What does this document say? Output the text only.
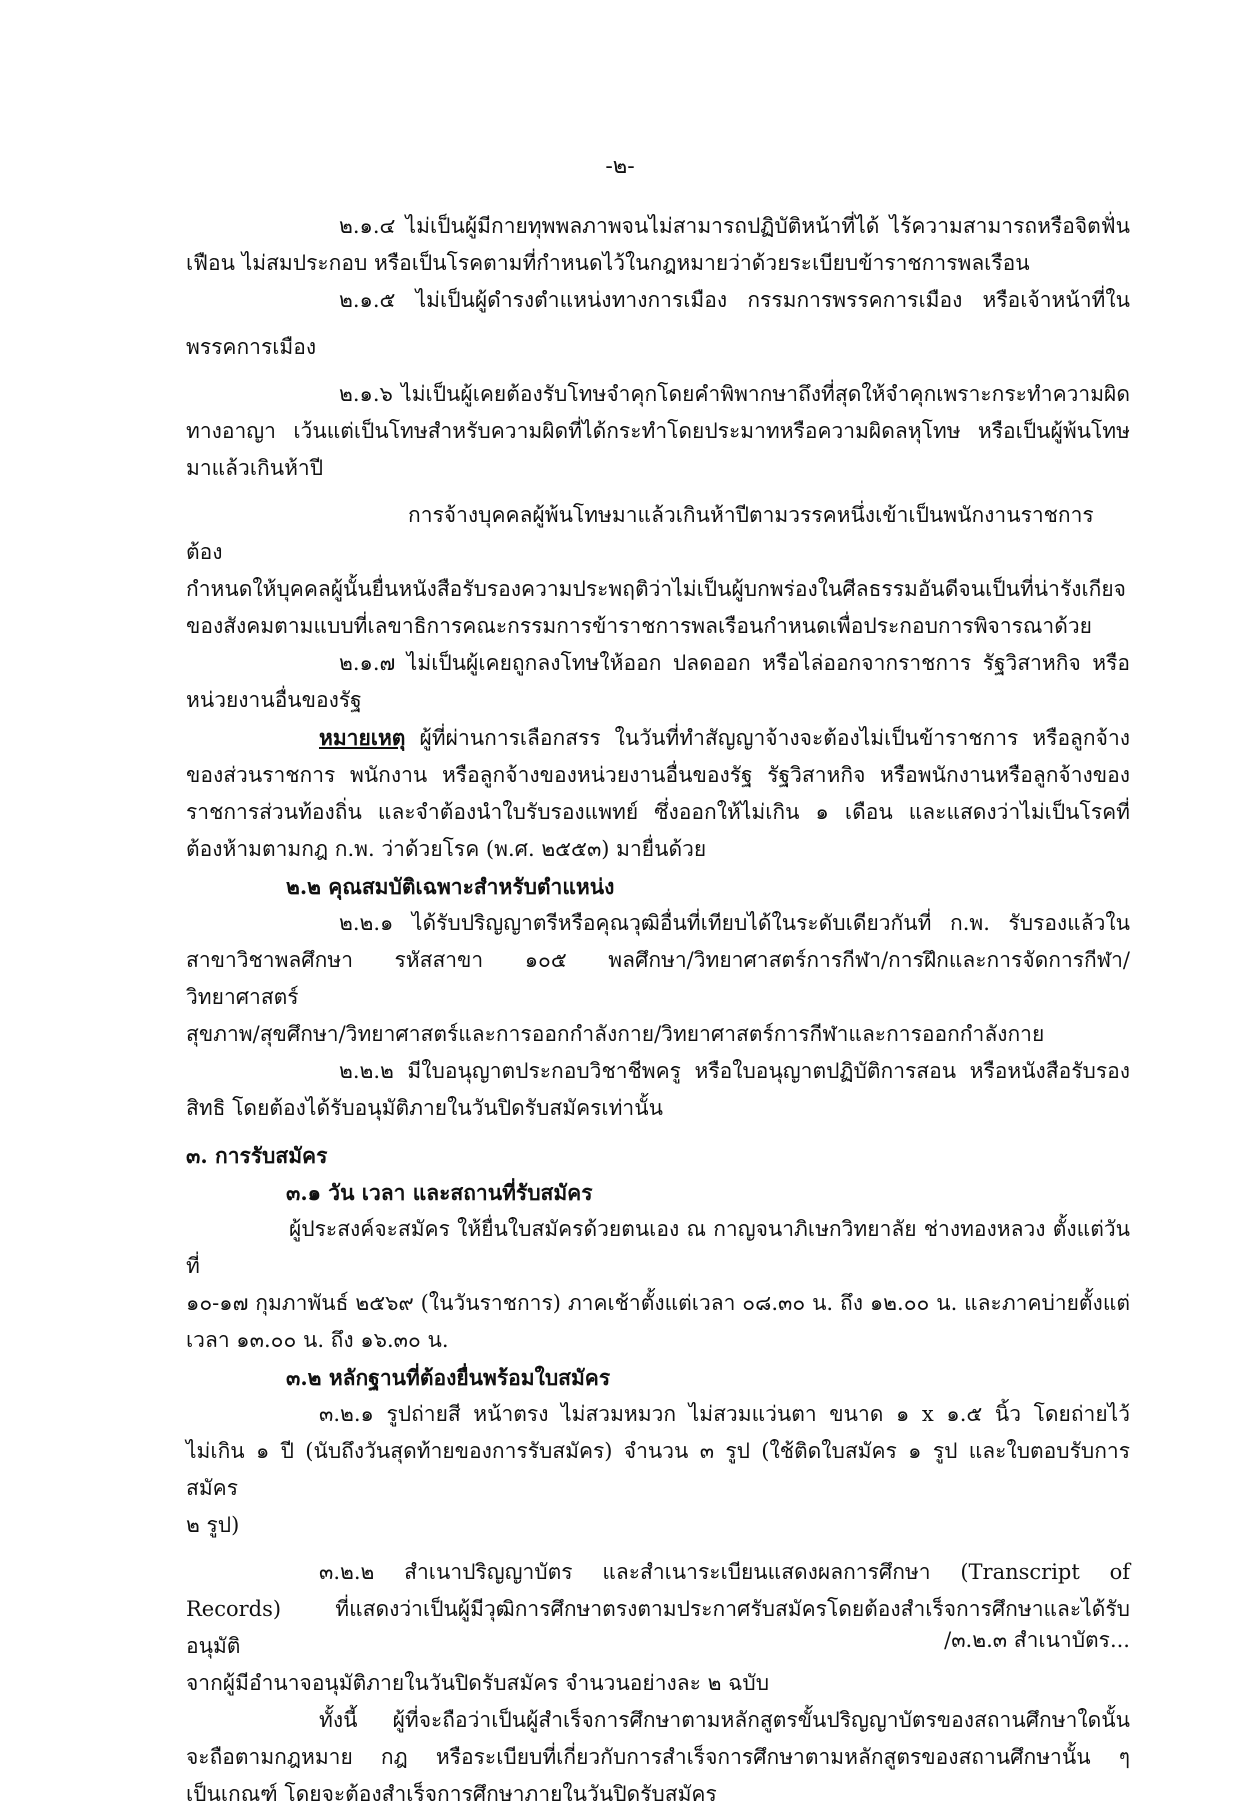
-๒-

๒.๑.๔ ไม่เป็นผู้มีกายทุพพลภาพจนไม่สามารถปฏิบัติหน้าที่ได้ ไร้ความสามารถหรือจิตฟั่น

เฟือน ไม่สมประกอบ หรือเป็นโรคตามที่กำหนดไว้ในกฎหมายว่าด้วยระเบียบข้าราชการพลเรือน

๒.๑.๕ ไม่เป็นผู้ดำรงตำแหน่งทางการเมือง กรรมการพรรคการเมือง หรือเจ้าหน้าที่ใน

พรรคการเมือง

๒.๑.๖ ไม่เป็นผู้เคยต้องรับโทษจำคุกโดยคำพิพากษาถึงที่สุดให้จำคุกเพราะกระทำความผิด

ทางอาญา เว้นแต่เป็นโทษสำหรับความผิดที่ได้กระทำโดยประมาทหรือความผิดลหุโทษ หรือเป็นผู้พ้นโทษ

มาแล้วเกินห้าปี

การจ้างบุคคลผู้พ้นโทษมาแล้วเกินห้าปีตามวรรคหนึ่งเข้าเป็นพนักงานราชการต้อง

กำหนดให้บุคคลผู้นั้นยื่นหนังสือรับรองความประพฤติว่าไม่เป็นผู้บกพร่องในศีลธรรมอันดีจนเป็นที่น่ารังเกียจ

ของสังคมตามแบบที่เลขาธิการคณะกรรมการข้าราชการพลเรือนกำหนดเพื่อประกอบการพิจารณาด้วย

๒.๑.๗ ไม่เป็นผู้เคยถูกลงโทษให้ออก ปลดออก หรือไล่ออกจากราชการ รัฐวิสาหกิจ หรือ

หน่วยงานอื่นของรัฐ

หมายเหตุ ผู้ที่ผ่านการเลือกสรร ในวันที่ทำสัญญาจ้างจะต้องไม่เป็นข้าราชการ หรือลูกจ้าง

ของส่วนราชการ พนักงาน หรือลูกจ้างของหน่วยงานอื่นของรัฐ รัฐวิสาหกิจ หรือพนักงานหรือลูกจ้างของ

ราชการส่วนท้องถิ่น และจำต้องนำใบรับรองแพทย์ ซึ่งออกให้ไม่เกิน ๑ เดือน และแสดงว่าไม่เป็นโรคที่

ต้องห้ามตามกฎ ก.พ. ว่าด้วยโรค (พ.ศ. ๒๕๕๓) มายื่นด้วย

๒.๒ คุณสมบัติเฉพาะสำหรับตำแหน่ง

๒.๒.๑ ได้รับปริญญาตรีหรือคุณวุฒิอื่นที่เทียบได้ในระดับเดียวกันที่ ก.พ. รับรองแล้วใน

สาขาวิชาพลศึกษา รหัสสาขา ๑๐๕ พลศึกษา/วิทยาศาสตร์การกีฬา/การฝึกและการจัดการกีฬา/วิทยาศาสตร์

สุขภาพ/สุขศึกษา/วิทยาศาสตร์และการออกกำลังกาย/วิทยาศาสตร์การกีฬาและการออกกำลังกาย

๒.๒.๒ มีใบอนุญาตประกอบวิชาชีพครู หรือใบอนุญาตปฏิบัติการสอน หรือหนังสือรับรอง

สิทธิ โดยต้องได้รับอนุมัติภายในวันปิดรับสมัครเท่านั้น

๓. การรับสมัคร

๓.๑ วัน เวลา และสถานที่รับสมัคร

ผู้ประสงค์จะสมัคร ให้ยื่นใบสมัครด้วยตนเอง ณ กาญจนาภิเษกวิทยาลัย ช่างทองหลวง ตั้งแต่วันที่

๑๐-๑๗ กุมภาพันธ์ ๒๕๖๙ (ในวันราชการ) ภาคเช้าตั้งแต่เวลา ๐๘.๓๐ น. ถึง ๑๒.๐๐ น. และภาคบ่ายตั้งแต่

เวลา ๑๓.๐๐ น. ถึง ๑๖.๓๐ น.

๓.๒ หลักฐานที่ต้องยื่นพร้อมใบสมัคร

๓.๒.๑ รูปถ่ายสี หน้าตรง ไม่สวมหมวก ไม่สวมแว่นตา ขนาด ๑ x ๑.๕ นิ้ว โดยถ่ายไว้

ไม่เกิน ๑ ปี (นับถึงวันสุดท้ายของการรับสมัคร) จำนวน ๓ รูป (ใช้ติดใบสมัคร ๑ รูป และใบตอบรับการสมัคร

๒ รูป)

๓.๒.๒ สำเนาปริญญาบัตร และสำเนาระเบียนแสดงผลการศึกษา (Transcript of

Records) ที่แสดงว่าเป็นผู้มีวุฒิการศึกษาตรงตามประกาศรับสมัครโดยต้องสำเร็จการศึกษาและได้รับอนุมัติ

จากผู้มีอำนาจอนุมัติภายในวันปิดรับสมัคร จำนวนอย่างละ ๒ ฉบับ

ทั้งนี้ ผู้ที่จะถือว่าเป็นผู้สำเร็จการศึกษาตามหลักสูตรขั้นปริญญาบัตรของสถานศึกษาใดนั้น

จะถือตามกฎหมาย กฎ หรือระเบียบที่เกี่ยวกับการสำเร็จการศึกษาตามหลักสูตรของสถานศึกษานั้น ๆ

เป็นเกณฑ์ โดยจะต้องสำเร็จการศึกษาภายในวันปิดรับสมัคร

/๓.๒.๓ สำเนาบัตร...
